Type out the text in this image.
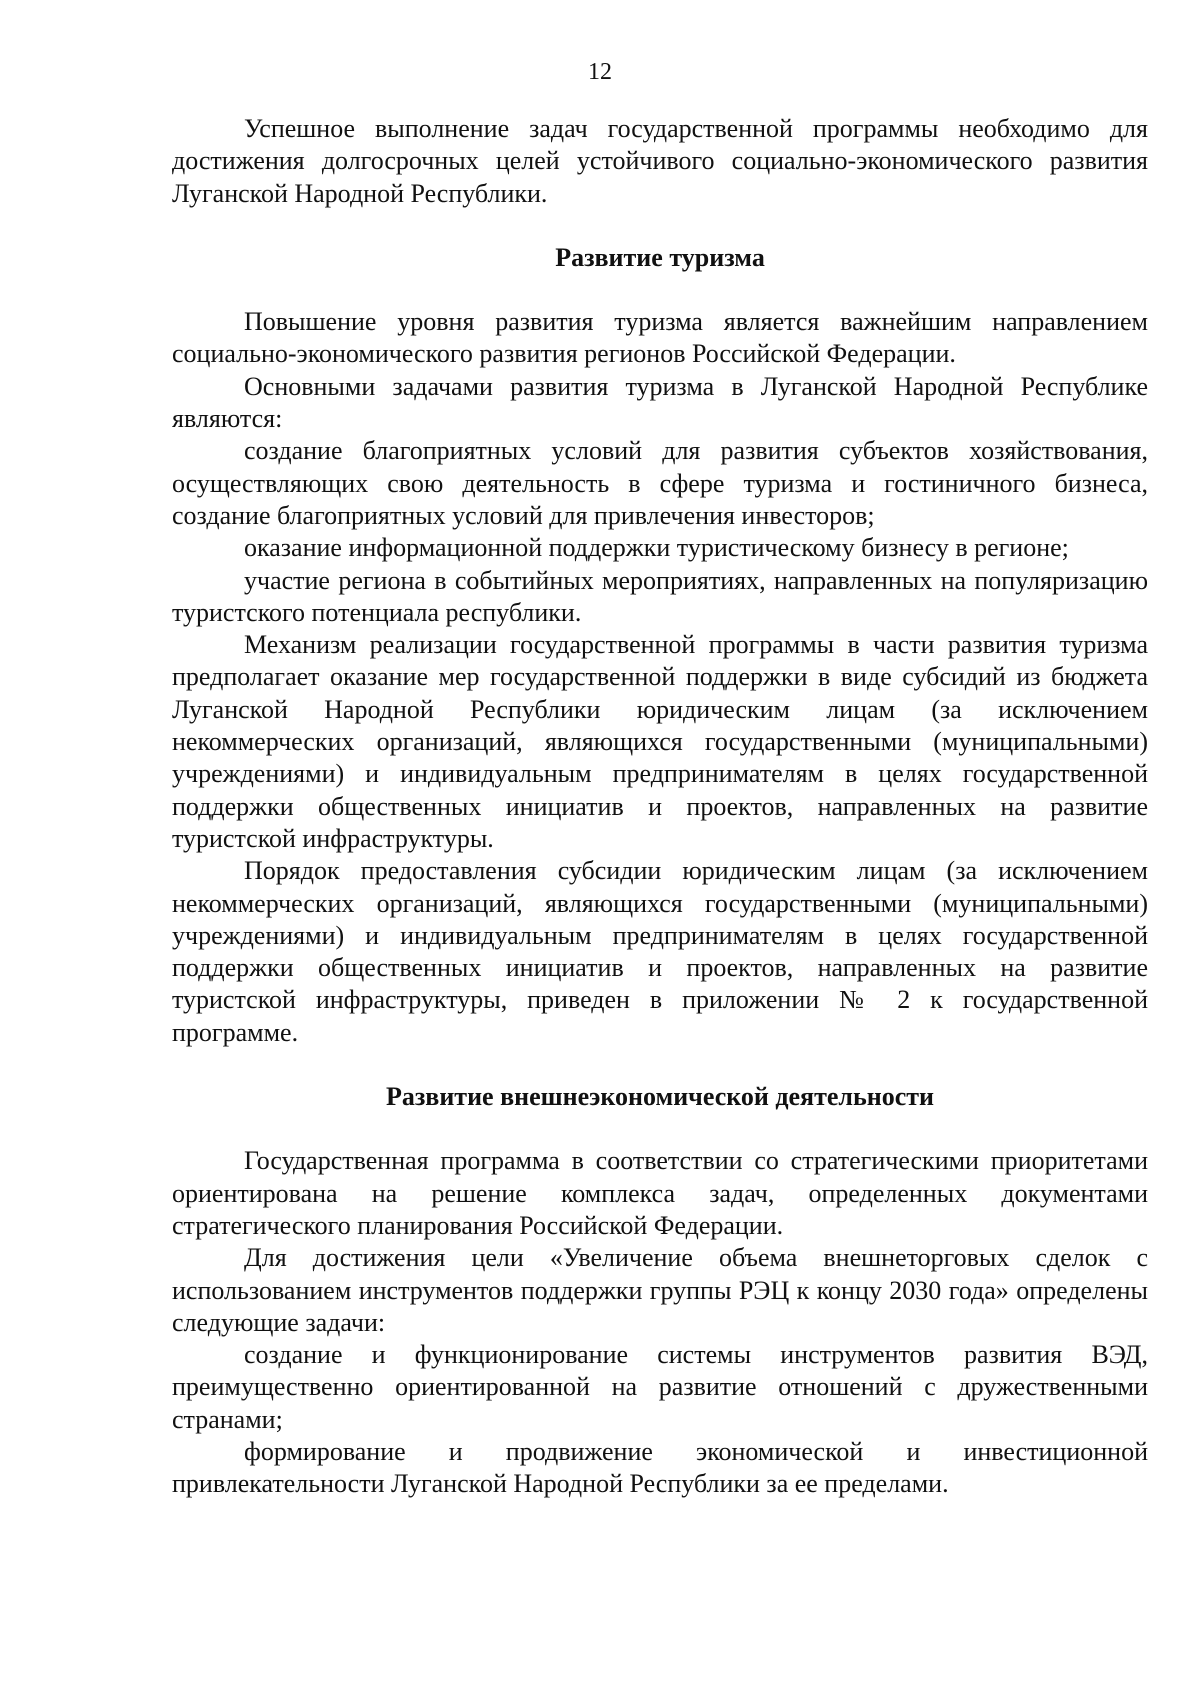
12

Успешное выполнение задач государственной программы необходимо для достижения долгосрочных целей устойчивого социально-экономического развития Луганской Народной Республики.

Развитие туризма

Повышение уровня развития туризма является важнейшим направлением социально-экономического развития регионов Российской Федерации.

Основными задачами развития туризма в Луганской Народной Республике являются:

создание благоприятных условий для развития субъектов хозяйствования, осуществляющих свою деятельность в сфере туризма и гостиничного бизнеса, создание благоприятных условий для привлечения инвесторов;

оказание информационной поддержки туристическому бизнесу в регионе;

участие региона в событийных мероприятиях, направленных на популяризацию туристского потенциала республики.

Механизм реализации государственной программы в части развития туризма предполагает оказание мер государственной поддержки в виде субсидий из бюджета Луганской Народной Республики юридическим лицам (за исключением некоммерческих организаций, являющихся государственными (муниципальными) учреждениями) и индивидуальным предпринимателям в целях государственной поддержки общественных инициатив и проектов, направленных на развитие туристской инфраструктуры.

Порядок предоставления субсидии юридическим лицам (за исключением некоммерческих организаций, являющихся государственными (муниципальными) учреждениями) и индивидуальным предпринимателям в целях государственной поддержки общественных инициатив и проектов, направленных на развитие туристской инфраструктуры, приведен в приложении № 2 к государственной программе.

Развитие внешнеэкономической деятельности

Государственная программа в соответствии со стратегическими приоритетами ориентирована на решение комплекса задач, определенных документами стратегического планирования Российской Федерации.

Для достижения цели «Увеличение объема внешнеторговых сделок с использованием инструментов поддержки группы РЭЦ к концу 2030 года» определены следующие задачи:

создание и функционирование системы инструментов развития ВЭД, преимущественно ориентированной на развитие отношений с дружественными странами;

формирование и продвижение экономической и инвестиционной привлекательности Луганской Народной Республики за ее пределами.
